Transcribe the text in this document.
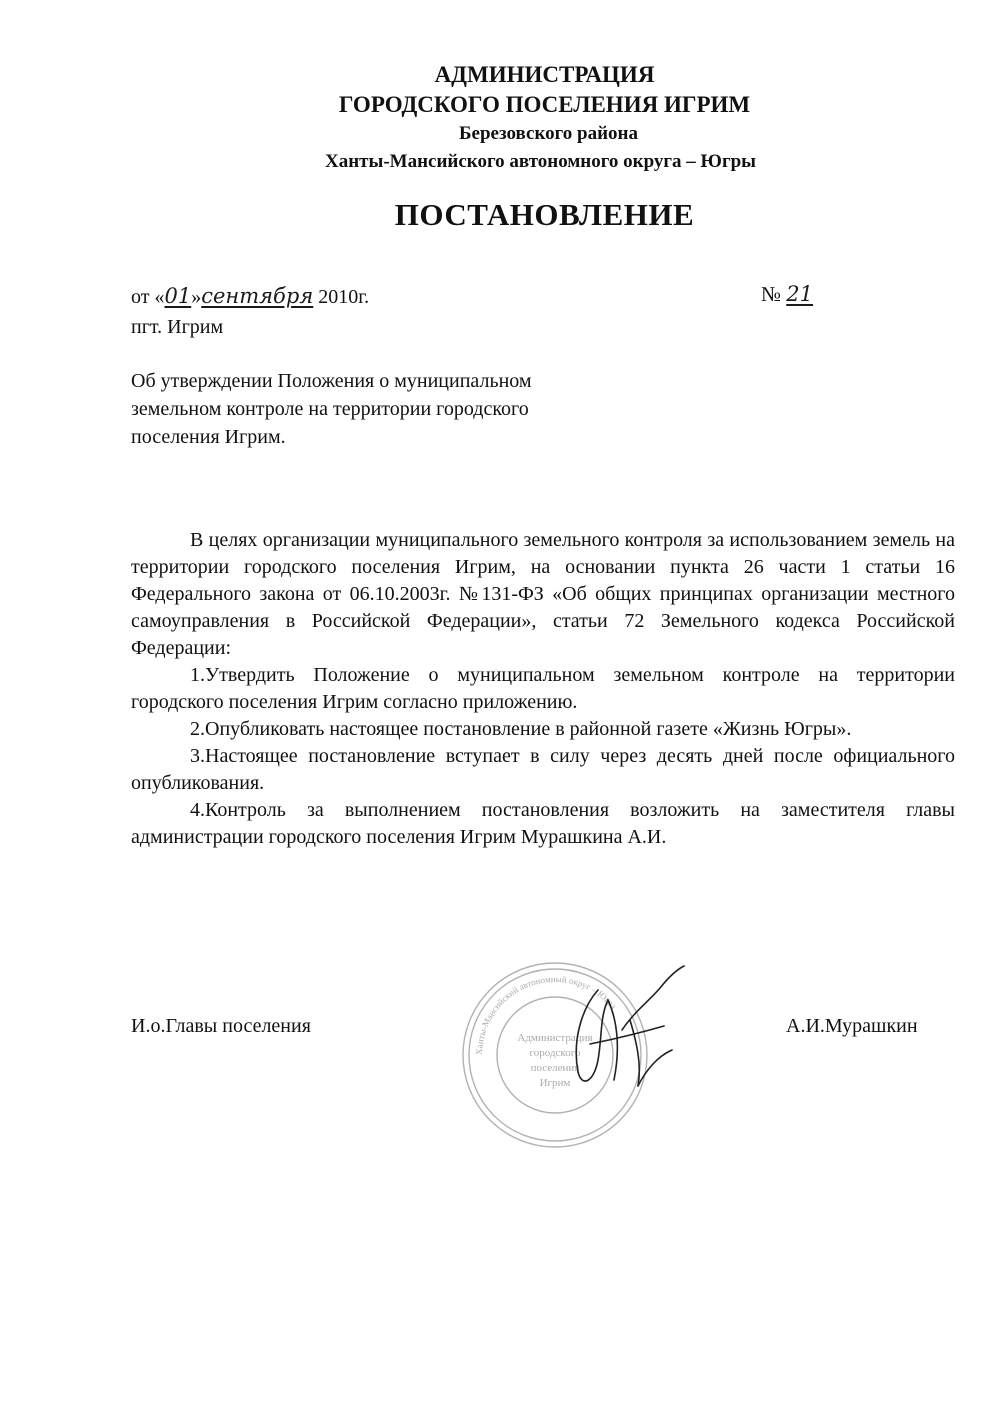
АДМИНИСТРАЦИЯ
ГОРОДСКОГО ПОСЕЛЕНИЯ ИГРИМ
Березовского района
Ханты-Мансийского автономного округа – Югры
ПОСТАНОВЛЕНИЕ
от «01»сентября 2010г.	№ 21
пгт. Игрим
Об утверждении Положения о муниципальном
земельном контроле на территории городского
поселения Игрим.

В целях организации муниципального земельного контроля за использованием земель на территории городского поселения Игрим, на основании пункта 26 части 1 статьи 16 Федерального закона от 06.10.2003г. №131-ФЗ «Об общих принципах организации местного самоуправления в Российской Федерации», статьи 72 Земельного кодекса Российской Федерации:

1.Утвердить Положение о муниципальном земельном контроле на территории городского поселения Игрим согласно приложению.

2.Опубликовать настоящее постановление в районной газете «Жизнь Югры».

3.Настоящее постановление вступает в силу через десять дней после официального опубликования.

4.Контроль за выполнением постановления возложить на заместителя главы администрации городского поселения Игрим Мурашкина А.И.

И.о.Главы поселения	А.И.Мурашкин
Ханты-Мансийский автономный округ – Югра
Администрация
городского
поселения
Игрим
